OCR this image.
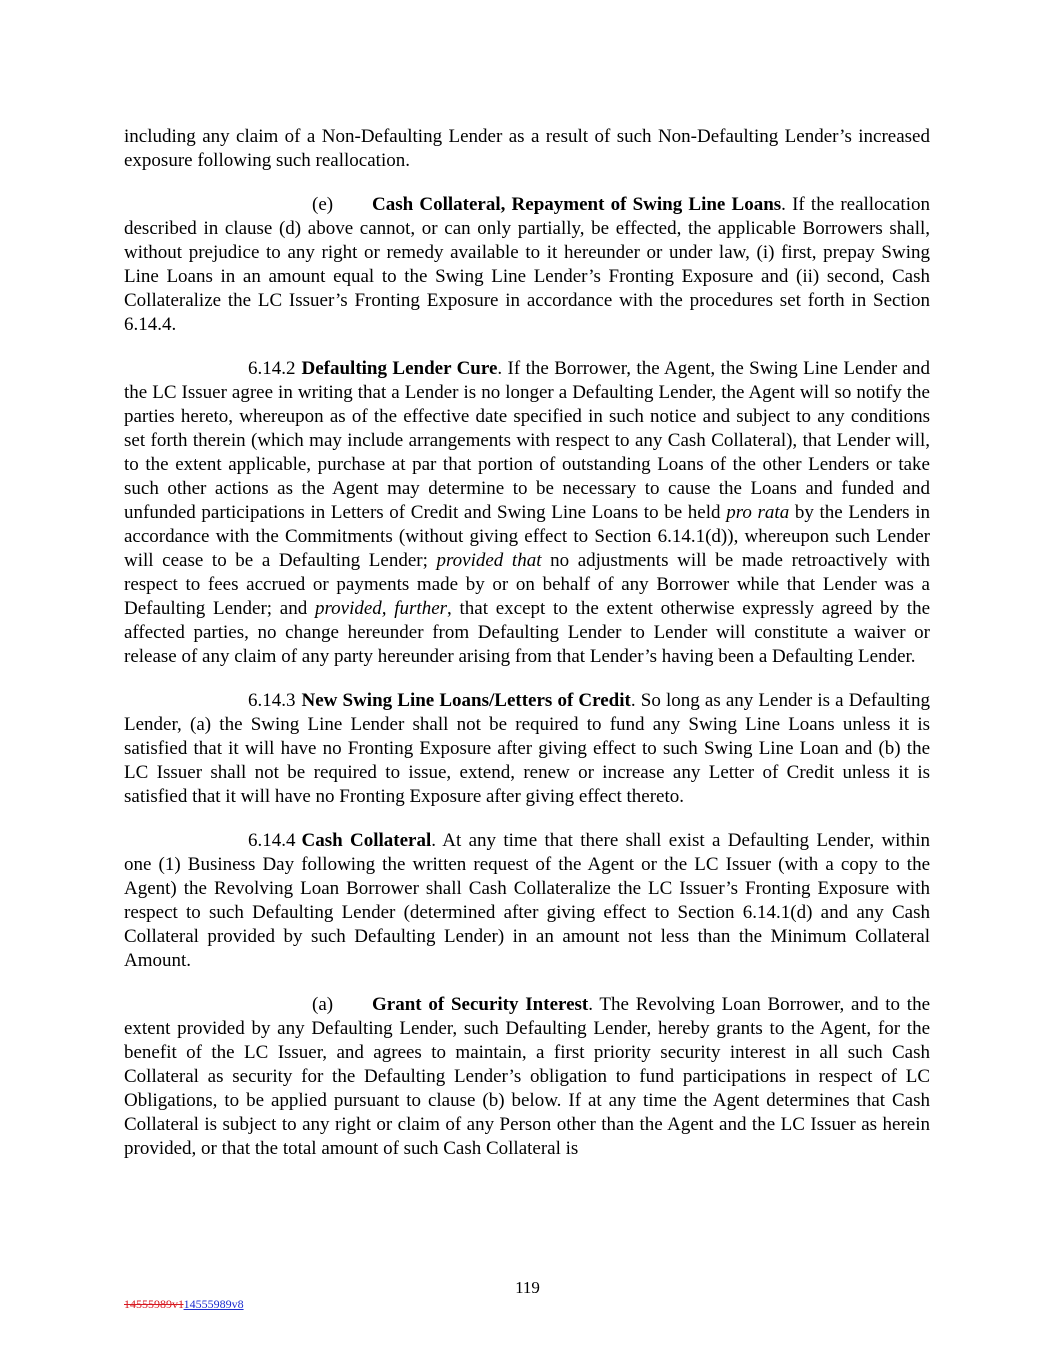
including any claim of a Non-Defaulting Lender as a result of such Non-Defaulting Lender’s increased exposure following such reallocation.

(e) Cash Collateral, Repayment of Swing Line Loans. If the reallocation described in clause (d) above cannot, or can only partially, be effected, the applicable Borrowers shall, without prejudice to any right or remedy available to it hereunder or under law, (i) first, prepay Swing Line Loans in an amount equal to the Swing Line Lender’s Fronting Exposure and (ii) second, Cash Collateralize the LC Issuer’s Fronting Exposure in accordance with the procedures set forth in Section 6.14.4.

6.14.2 Defaulting Lender Cure. If the Borrower, the Agent, the Swing Line Lender and the LC Issuer agree in writing that a Lender is no longer a Defaulting Lender, the Agent will so notify the parties hereto, whereupon as of the effective date specified in such notice and subject to any conditions set forth therein (which may include arrangements with respect to any Cash Collateral), that Lender will, to the extent applicable, purchase at par that portion of outstanding Loans of the other Lenders or take such other actions as the Agent may determine to be necessary to cause the Loans and funded and unfunded participations in Letters of Credit and Swing Line Loans to be held pro rata by the Lenders in accordance with the Commitments (without giving effect to Section 6.14.1(d)), whereupon such Lender will cease to be a Defaulting Lender; provided that no adjustments will be made retroactively with respect to fees accrued or payments made by or on behalf of any Borrower while that Lender was a Defaulting Lender; and provided, further, that except to the extent otherwise expressly agreed by the affected parties, no change hereunder from Defaulting Lender to Lender will constitute a waiver or release of any claim of any party hereunder arising from that Lender’s having been a Defaulting Lender.

6.14.3 New Swing Line Loans/Letters of Credit. So long as any Lender is a Defaulting Lender, (a) the Swing Line Lender shall not be required to fund any Swing Line Loans unless it is satisfied that it will have no Fronting Exposure after giving effect to such Swing Line Loan and (b) the LC Issuer shall not be required to issue, extend, renew or increase any Letter of Credit unless it is satisfied that it will have no Fronting Exposure after giving effect thereto.

6.14.4 Cash Collateral. At any time that there shall exist a Defaulting Lender, within one (1) Business Day following the written request of the Agent or the LC Issuer (with a copy to the Agent) the Revolving Loan Borrower shall Cash Collateralize the LC Issuer’s Fronting Exposure with respect to such Defaulting Lender (determined after giving effect to Section 6.14.1(d) and any Cash Collateral provided by such Defaulting Lender) in an amount not less than the Minimum Collateral Amount.

(a) Grant of Security Interest. The Revolving Loan Borrower, and to the extent provided by any Defaulting Lender, such Defaulting Lender, hereby grants to the Agent, for the benefit of the LC Issuer, and agrees to maintain, a first priority security interest in all such Cash Collateral as security for the Defaulting Lender’s obligation to fund participations in respect of LC Obligations, to be applied pursuant to clause (b) below. If at any time the Agent determines that Cash Collateral is subject to any right or claim of any Person other than the Agent and the LC Issuer as herein provided, or that the total amount of such Cash Collateral is

119
14555989v114555989v8
